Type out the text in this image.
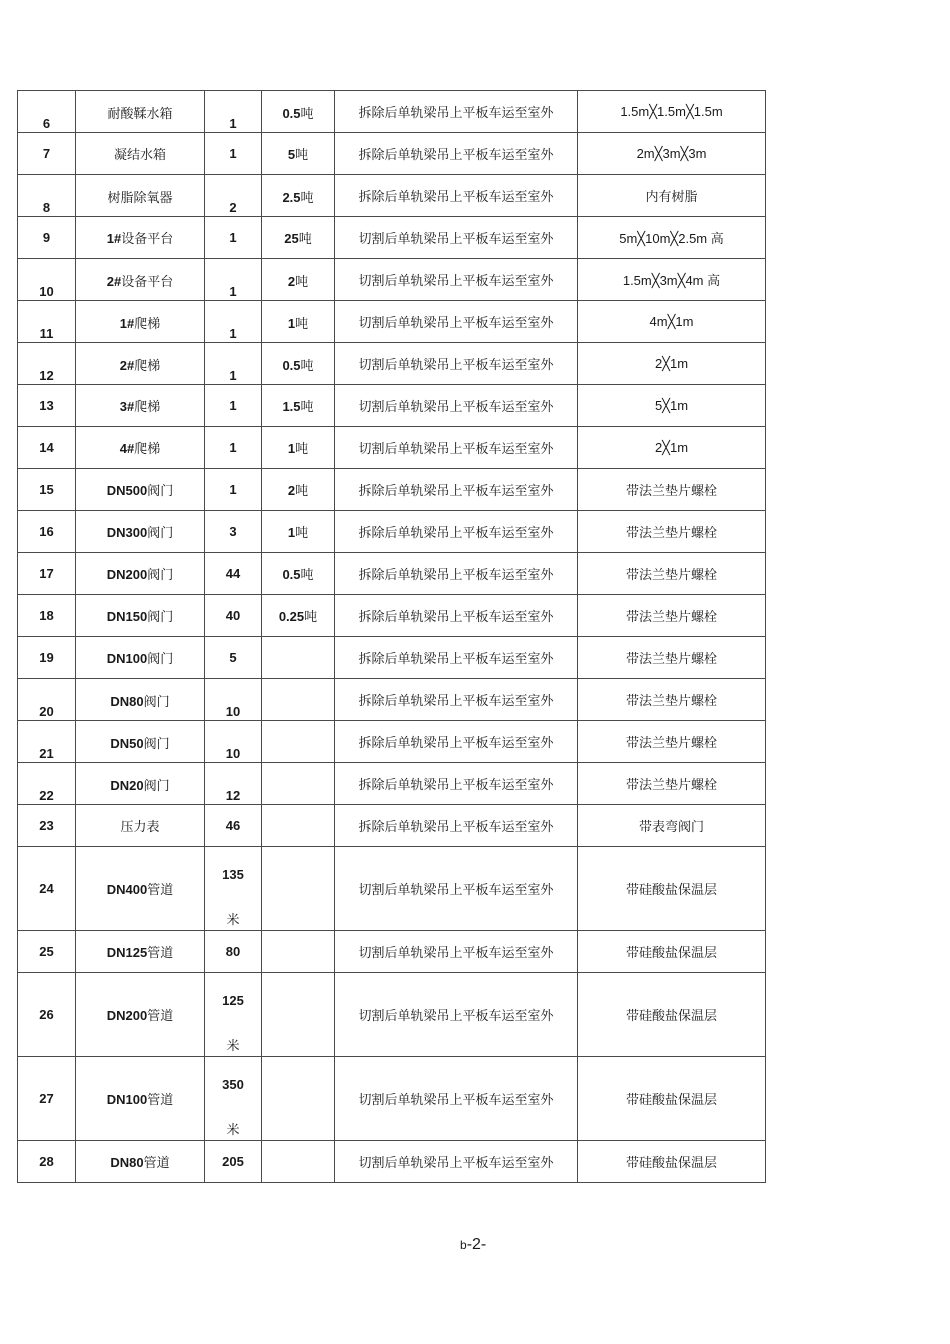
6	耐酸鞣水箱	1	0.5吨	拆除后单轨梁吊上平板车运至室外	1.5m╳1.5m╳1.5m
7	凝结水箱	1	5吨	拆除后单轨梁吊上平板车运至室外	2m╳3m╳3m

8	树脂除氧器	2	2.5吨	拆除后单轨梁吊上平板车运至室外	内有树脂
9	1#设备平台	1	25吨	切割后单轨梁吊上平板车运至室外	5m╳10m╳2.5m 高

10	2#设备平台	1	2吨	切割后单轨梁吊上平板车运至室外	1.5m╳3m╳4m 高

11	1#爬梯	1	1吨	切割后单轨梁吊上平板车运至室外	4m╳1m

12	2#爬梯	1	0.5吨	切割后单轨梁吊上平板车运至室外	2╳1m
13	3#爬梯	1	1.5吨	切割后单轨梁吊上平板车运至室外	5╳1m
14	4#爬梯	1	1吨	切割后单轨梁吊上平板车运至室外	2╳1m
15	DN500阀门	1	2吨	拆除后单轨梁吊上平板车运至室外	带法兰垫片螺栓
16	DN300阀门	3	1吨	拆除后单轨梁吊上平板车运至室外	带法兰垫片螺栓
17	DN200阀门	44	0.5吨	拆除后单轨梁吊上平板车运至室外	带法兰垫片螺栓
18	DN150阀门	40	0.25吨	拆除后单轨梁吊上平板车运至室外	带法兰垫片螺栓
19	DN100阀门	5		拆除后单轨梁吊上平板车运至室外	带法兰垫片螺栓

20	DN80阀门	10		拆除后单轨梁吊上平板车运至室外	带法兰垫片螺栓

21	DN50阀门	10		拆除后单轨梁吊上平板车运至室外	带法兰垫片螺栓

22	DN20阀门	12		拆除后单轨梁吊上平板车运至室外	带法兰垫片螺栓
23	压力表	46		拆除后单轨梁吊上平板车运至室外	带表弯阀门
24	DN400管道	135
米		切割后单轨梁吊上平板车运至室外	带硅酸盐保温层
25	DN125管道	80		切割后单轨梁吊上平板车运至室外	带硅酸盐保温层
26	DN200管道	125
米		切割后单轨梁吊上平板车运至室外	带硅酸盐保温层
27	DN100管道	350
米		切割后单轨梁吊上平板车运至室外	带硅酸盐保温层
28	DN80管道	205		切割后单轨梁吊上平板车运至室外	带硅酸盐保温层
b-2-
